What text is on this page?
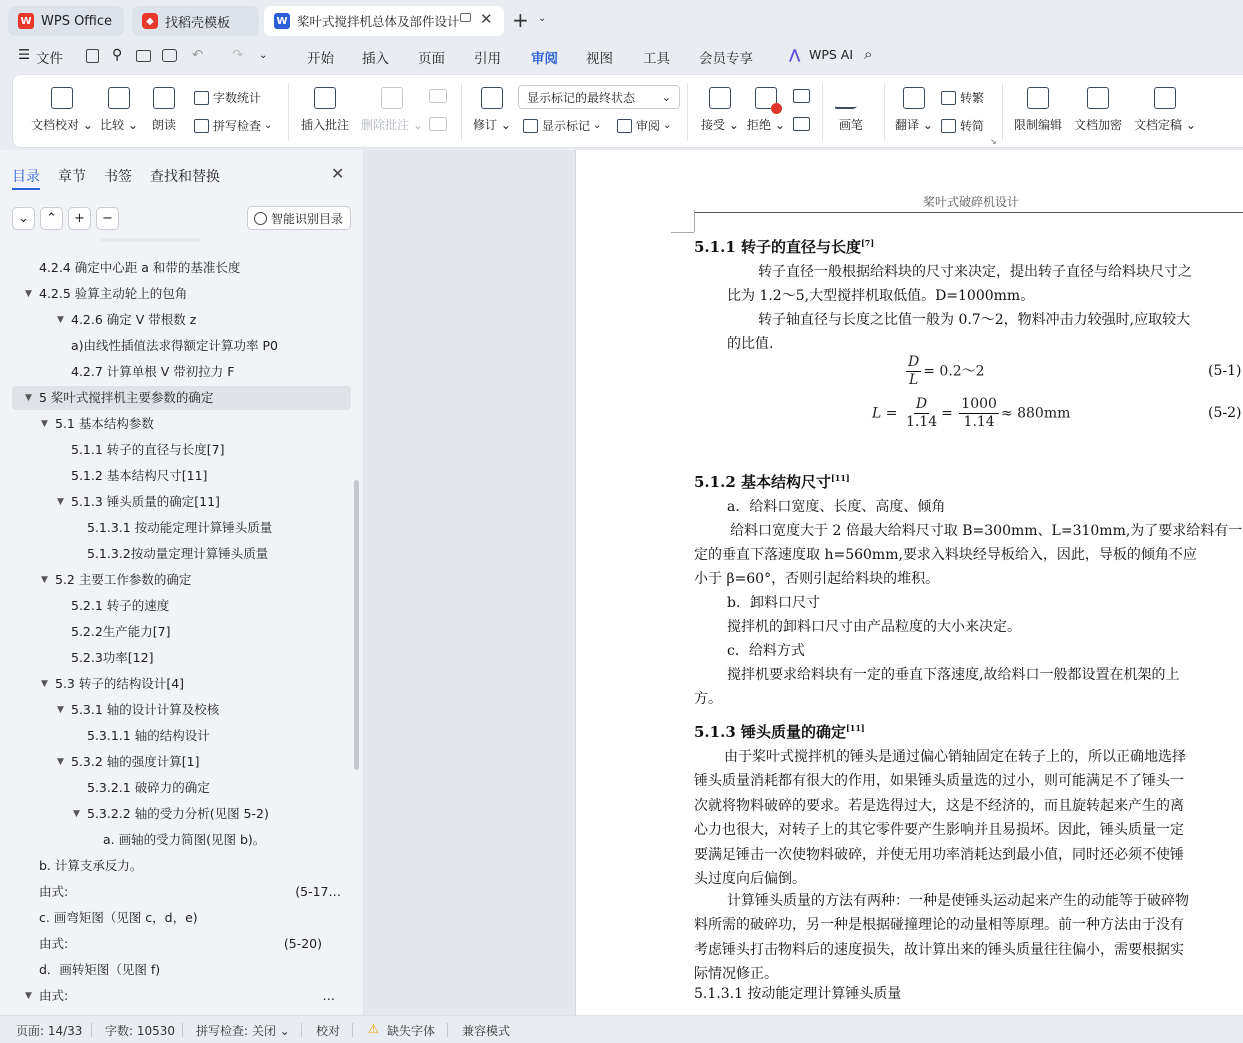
W WPS Office	◆ 找稻壳模板	W 桨叶式搅拌机总体及部件设计 ✕ + ⌄
☰ 文件	⚲	↶ ↷ ⌄	开始 插入 页面 引用 审阅 视图 工具 会员专享	⋀ WPS AI ⌕
文档校对 ⌄ 比较 ⌄ 朗读
字数统计
拼写检查 ⌄ 插入批注 删除批注 ⌄	修订 ⌄
显示标记的最终状态 ⌄
显示标记 ⌄	审阅 ⌄ 接受 ⌄ 拒绝 ⌄	画笔	翻译 ⌄
转繁
转简
↘
限制编辑 文档加密 文档定稿 ⌄
目录 章节 书签 查找和替换	✕
⌄ ⌃ + −	智能识别目录
4.2.4 确定中心距 a 和带的基准长度
▼ 4.2.5 验算主动轮上的包角
▼ 4.2.6 确定 V 带根数 z
a)由线性插值法求得额定计算功率 P0
4.2.7 计算单根 V 带初拉力 F
▼ 5 桨叶式搅拌机主要参数的确定
▼ 5.1 基本结构参数
5.1.1 转子的直径与长度[7]
5.1.2 基本结构尺寸[11]
▼ 5.1.3 锤头质量的确定[11]
5.1.3.1 按动能定理计算锤头质量
5.1.3.2按动量定理计算锤头质量
▼ 5.2 主要工作参数的确定
5.2.1 转子的速度
5.2.2生产能力[7]
5.2.3功率[12]
▼ 5.3 转子的结构设计[4]
▼ 5.3.1 轴的设计计算及校核
5.3.1.1 轴的结构设计
▼ 5.3.2 轴的强度计算[1]
5.3.2.1 破碎力的确定
▼ 5.3.2.2 轴的受力分析(见图 5-2)
a. 画轴的受力简图(见图 b)。
b. 计算支承反力。
由式:	(5-17…
c. 画弯矩图（见图 c，d，e)
由式:	(5-20)
d．画转矩图（见图 f)
▼ 由式:	…
桨叶式破碎机设计
5.1.1 转子的直径与长度[7]
转子直径一般根据给料块的尺寸来决定，提出转子直径与给料块尺寸之
比为 1.2～5,大型搅拌机取低值。D=1000mm。
转子轴直径与长度之比值一般为 0.7～2，物料冲击力较强时,应取较大
的比值.
$\frac{D}{L}$ = 0.2～2	(5-1)
$L = \frac{D}{1.14} = \frac{1000}{1.14} \approx 880mm$	(5-2)
5.1.2 基本结构尺寸[11]
a．给料口宽度、长度、高度、倾角
给料口宽度大于 2 倍最大给料尺寸取 B=300mm、L=310mm,为了要求给料有一
定的垂直下落速度取 h=560mm,要求入料块经导板给入，因此，导板的倾角不应
小于 β=60°，否则引起给料块的堆积。
b．卸料口尺寸
搅拌机的卸料口尺寸由产品粒度的大小来决定。
c．给料方式
搅拌机要求给料块有一定的垂直下落速度,故给料口一般都设置在机架的上
方。
5.1.3 锤头质量的确定[11]
由于桨叶式搅拌机的锤头是通过偏心销轴固定在转子上的，所以正确地选择
锤头质量消耗都有很大的作用，如果锤头质量选的过小，则可能满足不了锤头一
次就将物料破碎的要求。若是选得过大，这是不经济的，而且旋转起来产生的离
心力也很大，对转子上的其它零件要产生影响并且易损坏。因此，锤头质量一定
要满足锤击一次使物料破碎，并使无用功率消耗达到最小值，同时还必须不使锤
头过度向后偏倒。
计算锤头质量的方法有两种：一种是使锤头运动起来产生的动能等于破碎物
料所需的破碎功，另一种是根据碰撞理论的动量相等原理。前一种方法由于没有
考虑锤头打击物料后的速度损失，故计算出来的锤头质量往往偏小，需要根据实
际情况修正。
5.1.3.1 按动能定理计算锤头质量
页面: 14/33 字数: 10530 拼写检查: 关闭 ⌄ 校对 ⚠ 缺失字体 兼容模式
